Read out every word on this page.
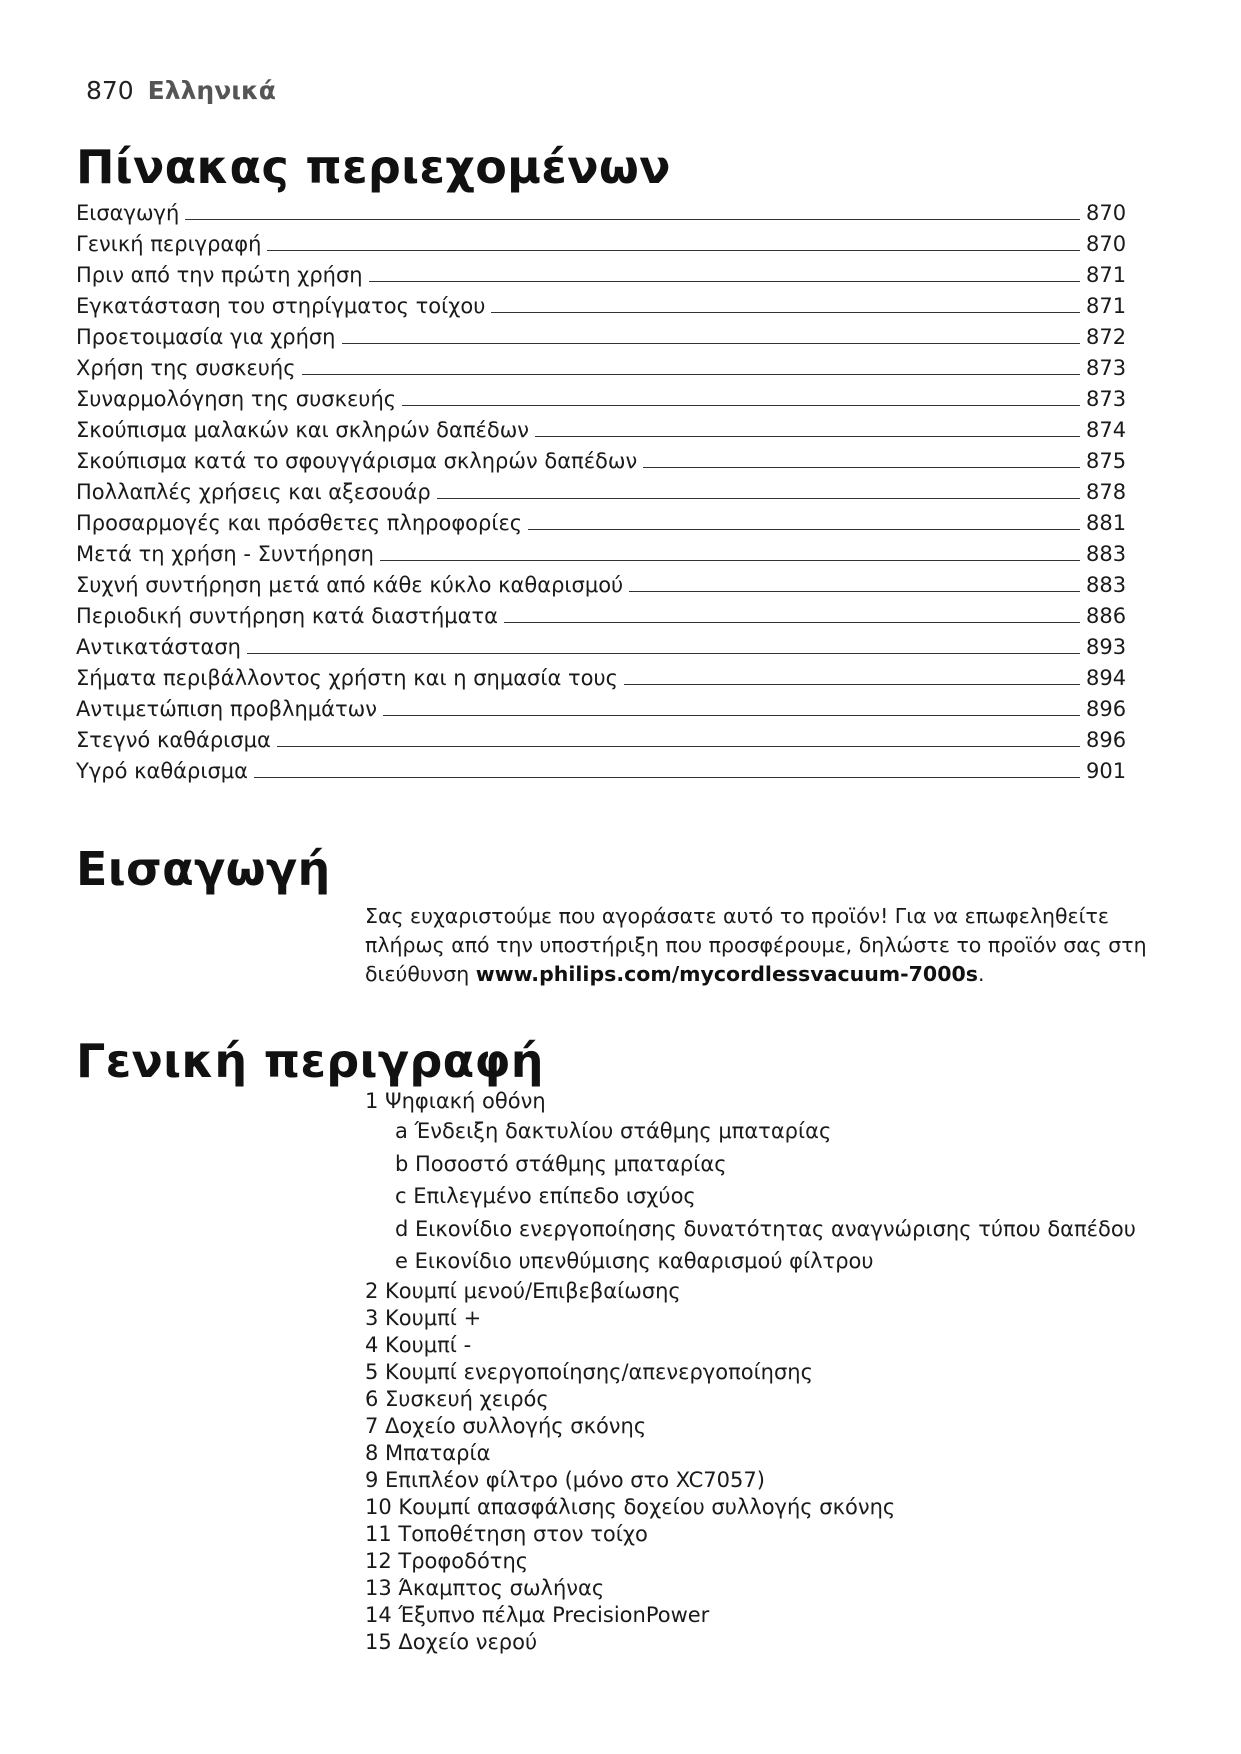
870 Ελληνικά
Πίνακας περιεχομένων
Εισαγωγή	870
Γενική περιγραφή	870
Πριν από την πρώτη χρήση	871
Εγκατάσταση του στηρίγματος τοίχου	871
Προετοιμασία για χρήση	872
Χρήση της συσκευής	873
Συναρμολόγηση της συσκευής	873
Σκούπισμα μαλακών και σκληρών δαπέδων	874
Σκούπισμα κατά το σφουγγάρισμα σκληρών δαπέδων	875
Πολλαπλές χρήσεις και αξεσουάρ	878
Προσαρμογές και πρόσθετες πληροφορίες	881
Μετά τη χρήση - Συντήρηση	883
Συχνή συντήρηση μετά από κάθε κύκλο καθαρισμού	883
Περιοδική συντήρηση κατά διαστήματα	886
Αντικατάσταση	893
Σήματα περιβάλλοντος χρήστη και η σημασία τους	894
Αντιμετώπιση προβλημάτων	896
Στεγνό καθάρισμα	896
Υγρό καθάρισμα	901
Εισαγωγή
Σας ευχαριστούμε που αγοράσατε αυτό το προϊόν! Για να επωφεληθείτε πλήρως από την υποστήριξη που προσφέρουμε, δηλώστε το προϊόν σας στη διεύθυνση www.philips.com/mycordlessvacuum-7000s.
Γενική περιγραφή
1 Ψηφιακή οθόνη
a Ένδειξη δακτυλίου στάθμης μπαταρίας
b Ποσοστό στάθμης μπαταρίας
c Επιλεγμένο επίπεδο ισχύος
d Εικονίδιο ενεργοποίησης δυνατότητας αναγνώρισης τύπου δαπέδου
e Εικονίδιο υπενθύμισης καθαρισμού φίλτρου
2 Κουμπί μενού/Επιβεβαίωσης
3 Κουμπί +
4 Κουμπί -
5 Κουμπί ενεργοποίησης/απενεργοποίησης
6 Συσκευή χειρός
7 Δοχείο συλλογής σκόνης
8 Μπαταρία
9 Επιπλέον φίλτρο (μόνο στο XC7057)
10 Κουμπί απασφάλισης δοχείου συλλογής σκόνης
11 Τοποθέτηση στον τοίχο
12 Τροφοδότης
13 Άκαμπτος σωλήνας
14 Έξυπνο πέλμα PrecisionPower
15 Δοχείο νερού
